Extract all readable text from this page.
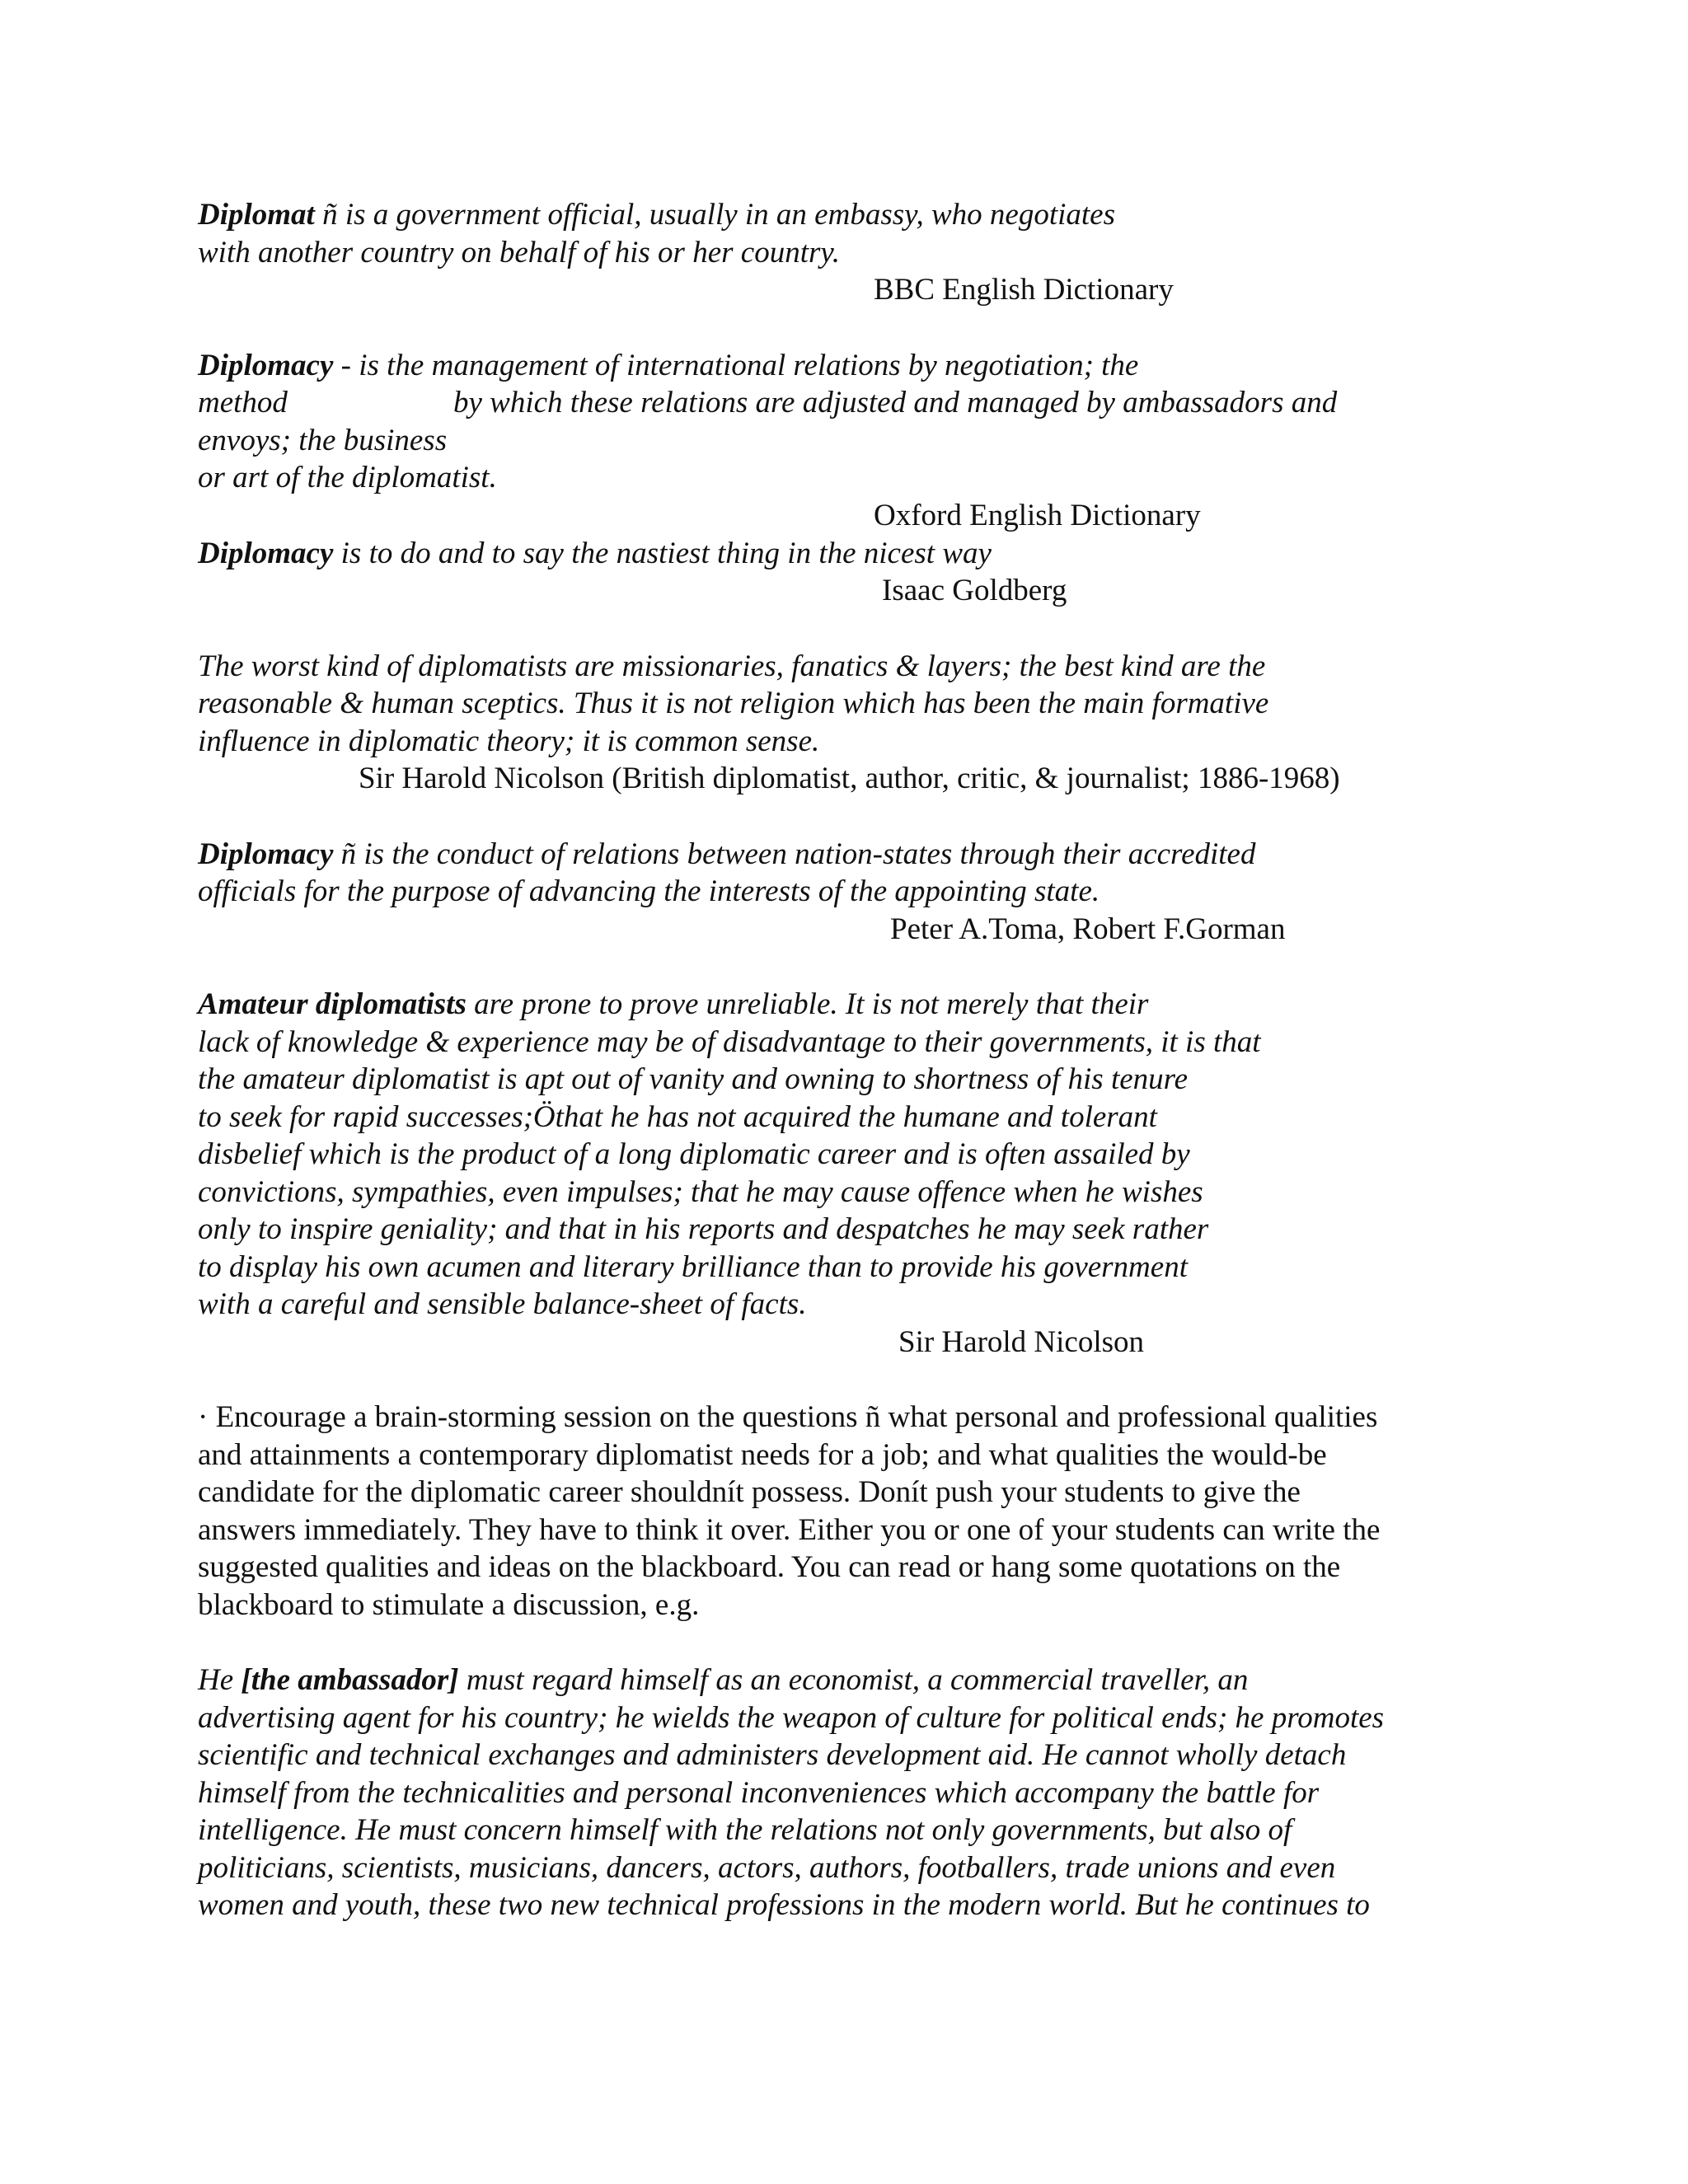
Diplomat ñ is a government official, usually in an embassy, who negotiates

with another country on behalf of his or her country.

BBC English Dictionary

Diplomacy - is the management of international relations by negotiation; the

method	by which these relations are adjusted and managed by ambassadors and

envoys; the business

or art of the diplomatist.

Oxford English Dictionary

Diplomacy is to do and to say the nastiest thing in the nicest way

Isaac Goldberg

The worst kind of diplomatists are missionaries, fanatics & layers; the best kind are the

reasonable & human sceptics. Thus it is not religion which has been the main formative

influence in diplomatic theory; it is common sense.

Sir Harold Nicolson (British diplomatist, author, critic, & journalist; 1886-1968)

Diplomacy ñ is the conduct of relations between nation-states through their accredited

officials for the purpose of advancing the interests of the appointing state.

Peter A.Toma, Robert F.Gorman

Amateur diplomatists are prone to prove unreliable. It is not merely that their

lack of knowledge & experience may be of disadvantage to their governments, it is that

the amateur diplomatist is apt out of vanity and owning to shortness of his tenure

to seek for rapid successes;Öthat he has not acquired the humane and tolerant

disbelief which is the product of a long diplomatic career and is often assailed by

convictions, sympathies, even impulses; that he may cause offence when he wishes

only to inspire geniality; and that in his reports and despatches he may seek rather

to display his own acumen and literary brilliance than to provide his government

with a careful and sensible balance-sheet of facts.

Sir Harold Nicolson

· Encourage a brain-storming session on the questions ñ what personal and professional qualities

and attainments a contemporary diplomatist needs for a job; and what qualities the would-be

candidate for the diplomatic career shouldnít possess. Donít push your students to give the

answers immediately. They have to think it over. Either you or one of your students can write the

suggested qualities and ideas on the blackboard. You can read or hang some quotations on the

blackboard to stimulate a discussion, e.g.

He [the ambassador] must regard himself as an economist, a commercial traveller, an

advertising agent for his country; he wields the weapon of culture for political ends; he promotes

scientific and technical exchanges and administers development aid. He cannot wholly detach

himself from the technicalities and personal inconveniences which accompany the battle for

intelligence. He must concern himself with the relations not only governments, but also of

politicians, scientists, musicians, dancers, actors, authors, footballers, trade unions and even

women and youth, these two new technical professions in the modern world. But he continues to
